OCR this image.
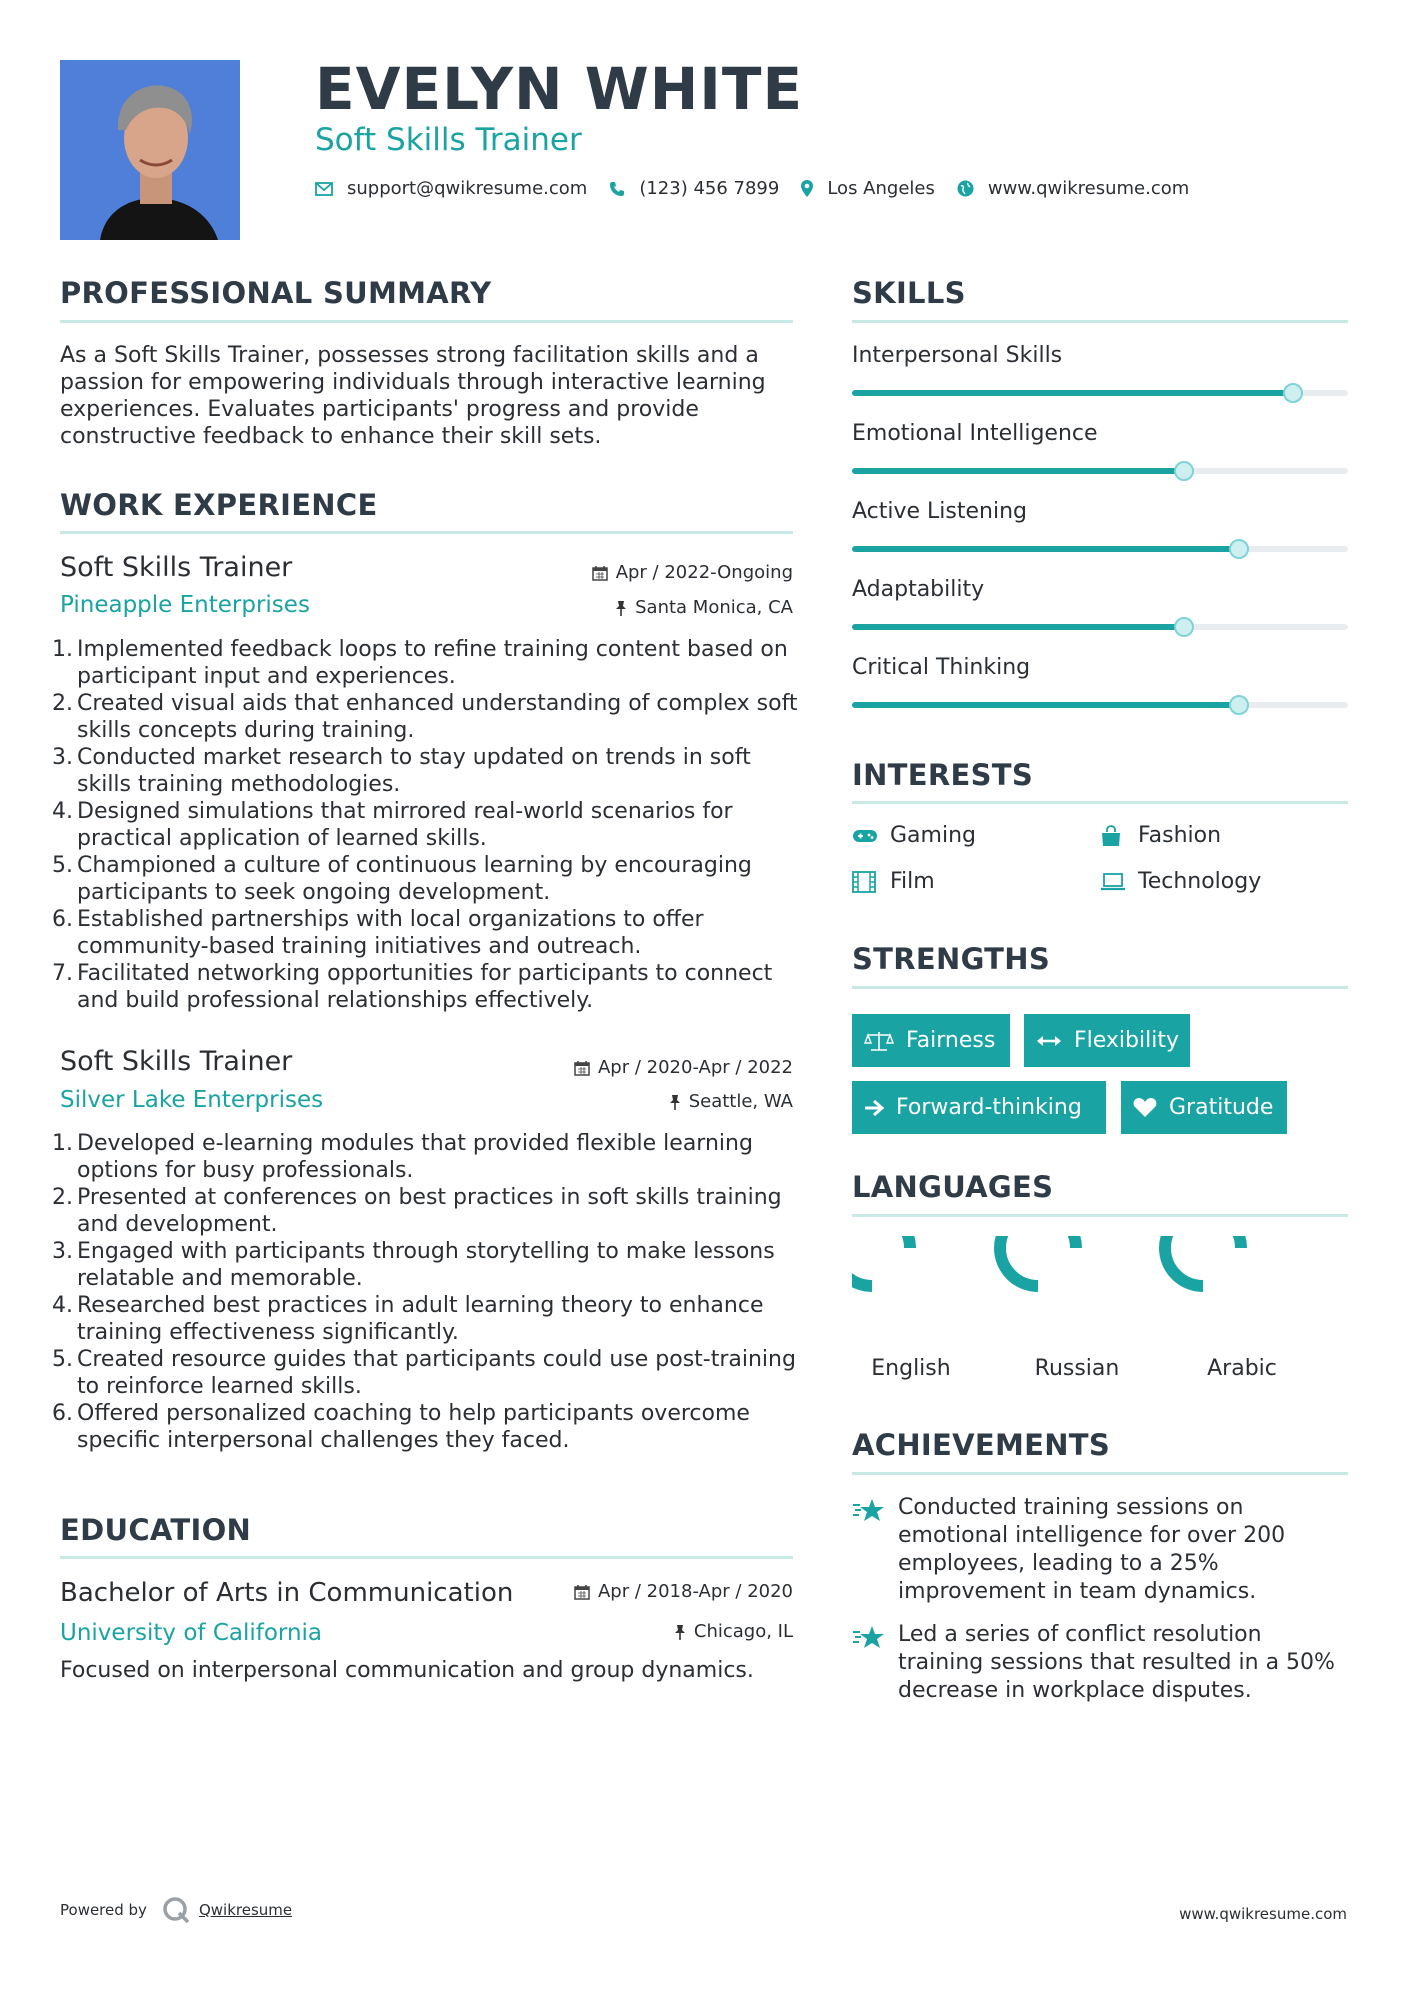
EVELYN WHITE
Soft Skills Trainer
support@qwikresume.com	(123) 456 7899	Los Angeles	www.qwikresume.com
PROFESSIONAL SUMMARY
As a Soft Skills Trainer, possesses strong facilitation skills and a passion for empowering individuals through interactive learning experiences. Evaluates participants' progress and provide constructive feedback to enhance their skill sets.
WORK EXPERIENCE
Soft Skills Trainer	Apr / 2022-Ongoing
Pineapple Enterprises	Santa Monica, CA
Implemented feedback loops to refine training content based on participant input and experiences.
Created visual aids that enhanced understanding of complex soft skills concepts during training.
Conducted market research to stay updated on trends in soft skills training methodologies.
Designed simulations that mirrored real-world scenarios for practical application of learned skills.
Championed a culture of continuous learning by encouraging participants to seek ongoing development.
Established partnerships with local organizations to offer community-based training initiatives and outreach.
Facilitated networking opportunities for participants to connect and build professional relationships effectively.
Soft Skills Trainer	Apr / 2020-Apr / 2022
Silver Lake Enterprises	Seattle, WA
Developed e-learning modules that provided flexible learning options for busy professionals.
Presented at conferences on best practices in soft skills training and development.
Engaged with participants through storytelling to make lessons relatable and memorable.
Researched best practices in adult learning theory to enhance training effectiveness significantly.
Created resource guides that participants could use post-training to reinforce learned skills.
Offered personalized coaching to help participants overcome specific interpersonal challenges they faced.
EDUCATION
Bachelor of Arts in Communication	Apr / 2018-Apr / 2020
University of California	Chicago, IL
Focused on interpersonal communication and group dynamics.
SKILLS
Interpersonal Skills
Emotional Intelligence
Active Listening
Adaptability
Critical Thinking
INTERESTS
Gaming	Fashion
Film	Technology
STRENGTHS
Fairness	Flexibility
Forward-thinking	Gratitude
LANGUAGES
English	Russian	Arabic
ACHIEVEMENTS
Conducted training sessions on emotional intelligence for over 200 employees, leading to a 25% improvement in team dynamics.
Led a series of conflict resolution training sessions that resulted in a 50% decrease in workplace disputes.
Powered by	Qwikresume	www.qwikresume.com
